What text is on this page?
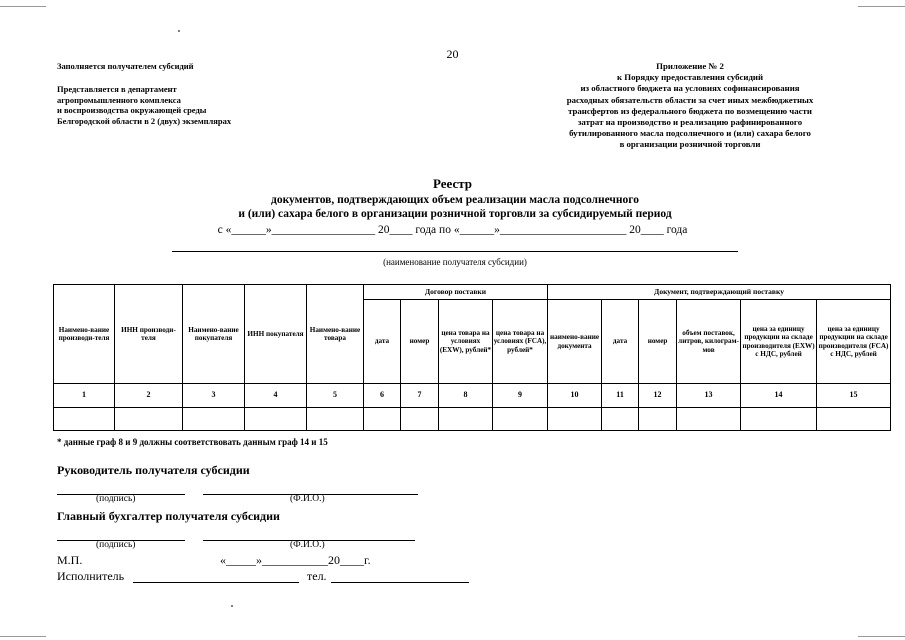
20
Заполняется получателем субсидий
Представляется в департамент
агропромышленного комплекса
и воспроизводства окружающей среды
Белгородской области в 2 (двух) экземплярах
Приложение № 2
к Порядку предоставления субсидий
из областного бюджета на условиях софинансирования
расходных обязательств области за счет иных межбюджетных
трансфертов из федерального бюджета по возмещению части
затрат на производство и реализацию рафинированного
бутилированного масла подсолнечного и (или) сахара белого
в организации розничной торговли
Реестр
документов, подтверждающих объем реализации масла подсолнечного
и (или) сахара белого в организации розничной торговли за субсидируемый период
с «______»__________________ 20____ года по «______»______________________ 20____ года
(наименование получателя субсидии)
Наимено-вание производи-теля	ИНН производи-теля	Наимено-вание покупателя	ИНН покупателя	Наимено-вание товара	Договор поставки				Документ, подтверждающий поставку					
					дата	номер	цена товара на условиях (EXW), рублей*	цена товара на условиях (FCA), рублей*	наимено-вание документа	дата	номер	объем поставок, литров, килограм-мов	цена за единицу продукции на складе производителя (EXW) с НДС, рублей	цена за единицу продукции на складе производителя (FCA) с НДС, рублей
1	2	3	4	5	6	7	8	9	10	11	12	13	14	15

* данные граф 8 и 9 должны соответствовать данным граф 14 и 15
Руководитель получателя субсидии
(подпись)	(Ф.И.О.)
Главный бухгалтер получателя субсидии
(подпись)	(Ф.И.О.)
М.П.	«_____»___________20____г.
Исполнитель	тел.
